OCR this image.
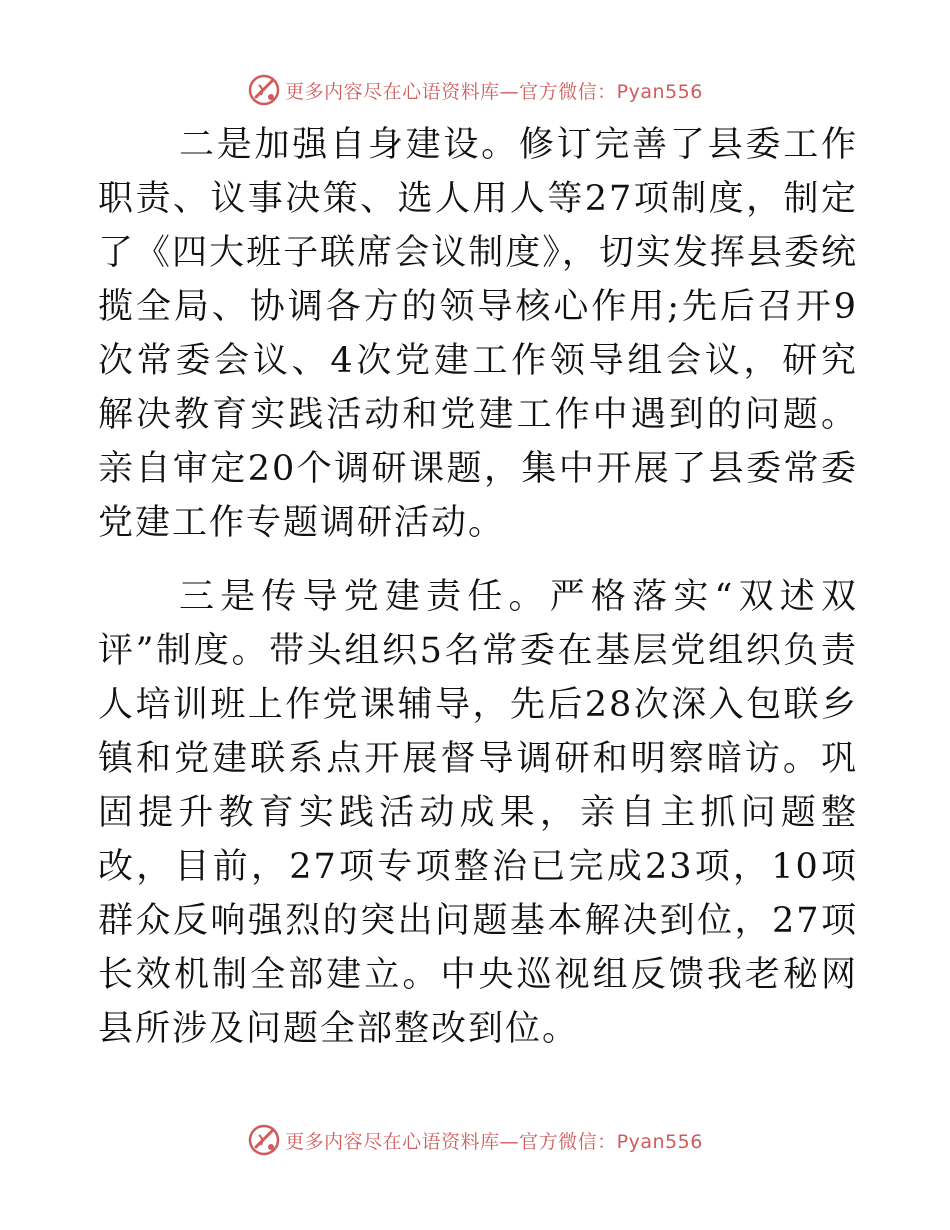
更多内容尽在心语资料库—官方微信：Pyan556

二是加强自身建设。修订完善了县委工作职责、议事决策、选人用人等27项制度，制定了《四大班子联席会议制度》，切实发挥县委统揽全局、协调各方的领导核心作用;先后召开9次常委会议、4次党建工作领导组会议，研究解决教育实践活动和党建工作中遇到的问题。亲自审定20个调研课题，集中开展了县委常委党建工作专题调研活动。

三是传导党建责任。严格落实“双述双评”制度。带头组织5名常委在基层党组织负责人培训班上作党课辅导，先后28次深入包联乡镇和党建联系点开展督导调研和明察暗访。巩固提升教育实践活动成果，亲自主抓问题整改，目前，27项专项整治已完成23项，10项群众反响强烈的突出问题基本解决到位，27项长效机制全部建立。中央巡视组反馈我老秘网县所涉及问题全部整改到位。

更多内容尽在心语资料库—官方微信：Pyan556
